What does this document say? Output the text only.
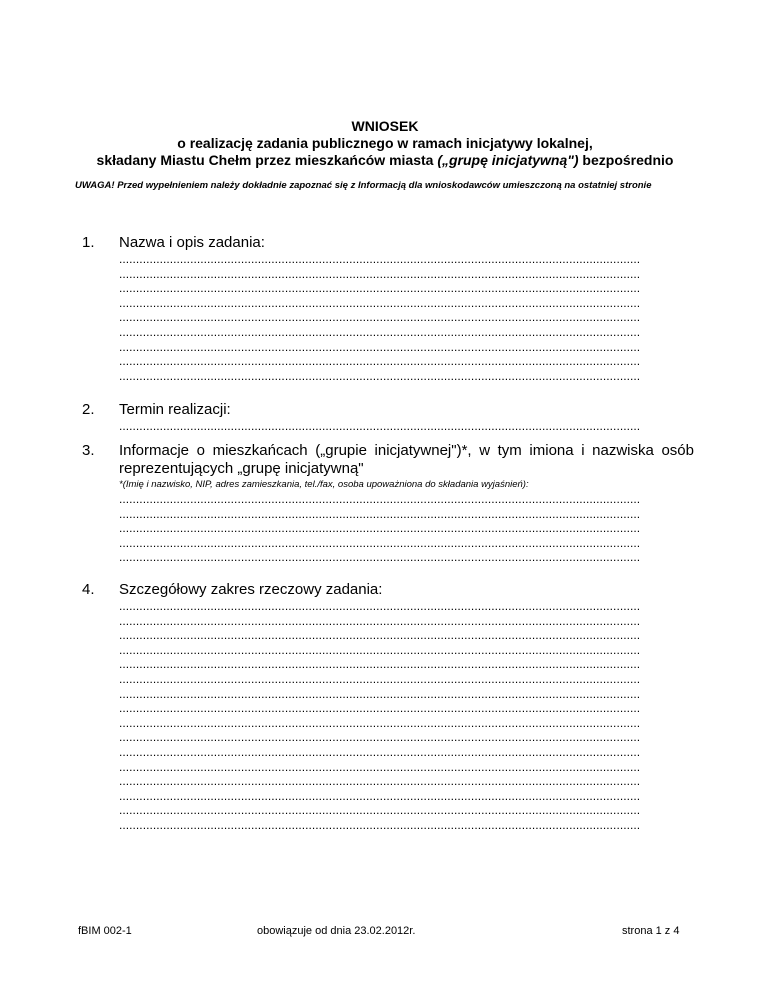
WNIOSEK
o realizację zadania publicznego w ramach inicjatywy lokalnej,
składany Miastu Chełm przez mieszkańców miasta („grupę inicjatywną") bezpośrednio
UWAGA! Przed wypełnieniem należy dokładnie zapoznać się z Informacją dla wnioskodawców umieszczoną na ostatniej stronie
1.	Nazwa i opis zadania:
..........................................................................................................................................................
..........................................................................................................................................................
..........................................................................................................................................................
..........................................................................................................................................................
..........................................................................................................................................................
..........................................................................................................................................................
..........................................................................................................................................................
..........................................................................................................................................................
..........................................................................................................................................................
2.	Termin realizacji:
..........................................................................................................................................................
3.	Informacje o mieszkańcach („grupie inicjatywnej")*, w tym imiona i nazwiska osób reprezentujących „grupę inicjatywną"
*(Imię i nazwisko, NIP, adres zamieszkania, tel./fax, osoba upoważniona do składania wyjaśnień):
..........................................................................................................................................................
..........................................................................................................................................................
..........................................................................................................................................................
..........................................................................................................................................................
..........................................................................................................................................................
4.	Szczegółowy zakres rzeczowy zadania:
..........................................................................................................................................................
..........................................................................................................................................................
..........................................................................................................................................................
..........................................................................................................................................................
..........................................................................................................................................................
..........................................................................................................................................................
..........................................................................................................................................................
..........................................................................................................................................................
..........................................................................................................................................................
..........................................................................................................................................................
..........................................................................................................................................................
..........................................................................................................................................................
..........................................................................................................................................................
..........................................................................................................................................................
..........................................................................................................................................................
..........................................................................................................................................................
fBIM 002-1	obowiązuje od dnia 23.02.2012r.	strona 1 z 4
